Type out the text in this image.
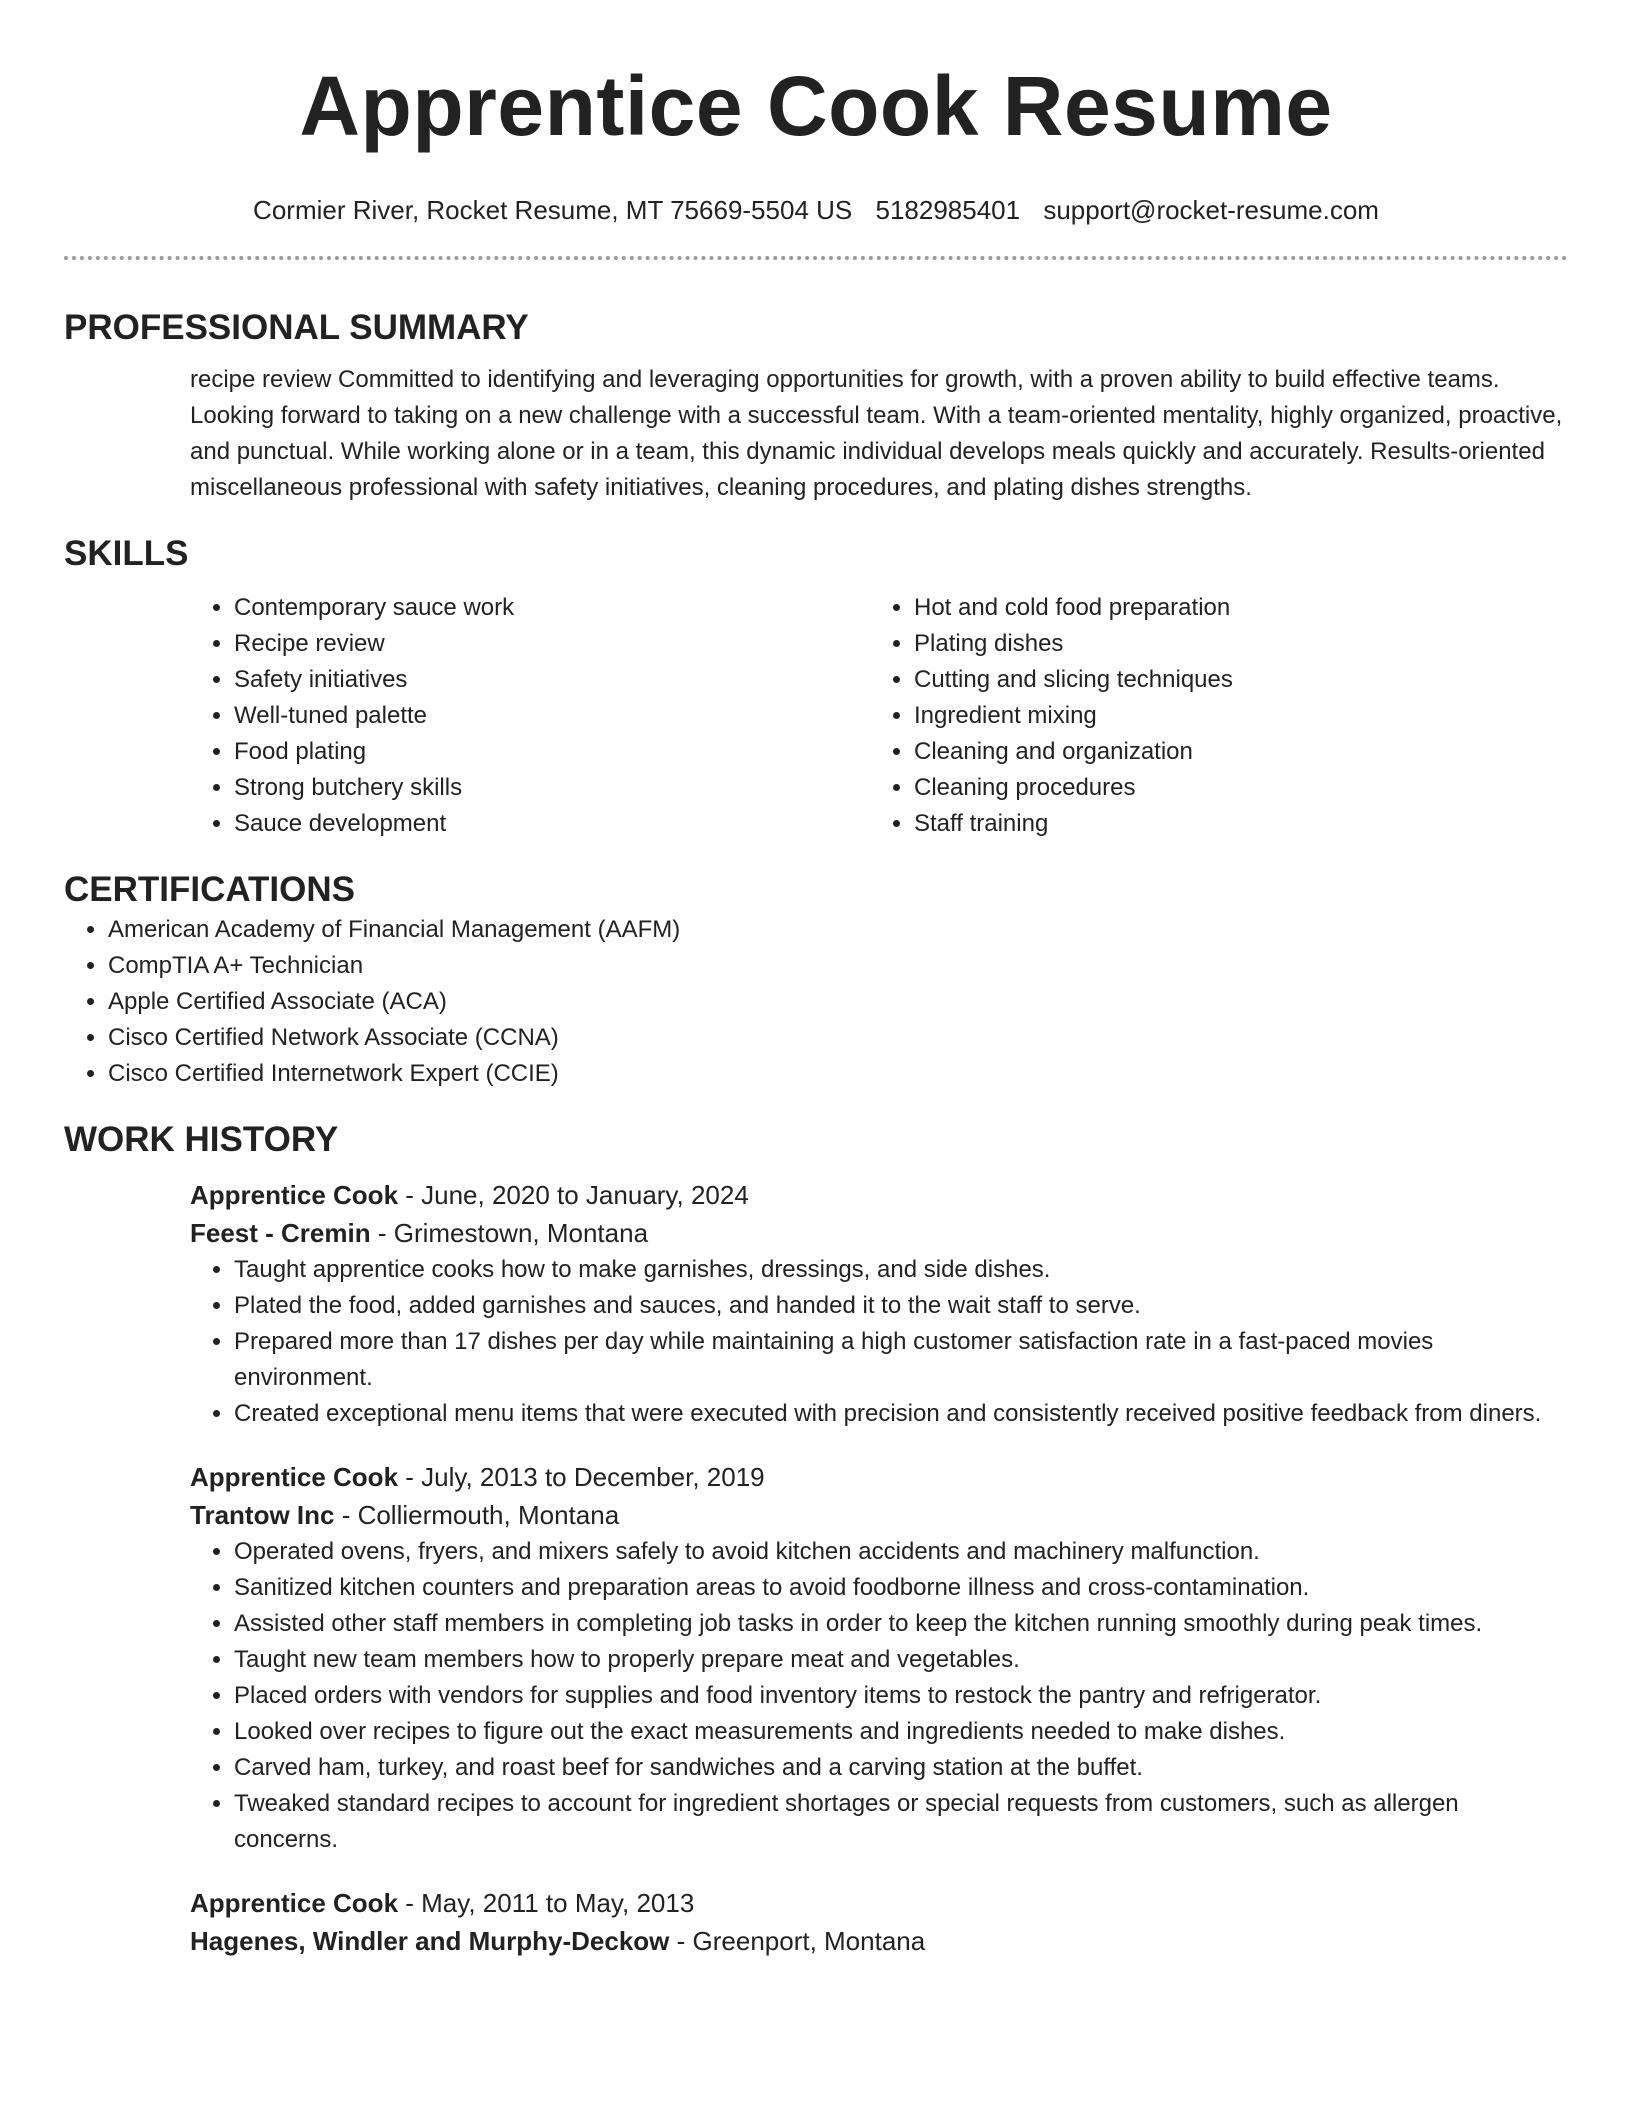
Apprentice Cook Resume
Cormier River, Rocket Resume, MT 75669-5504 US 5182985401 support@rocket-resume.com
PROFESSIONAL SUMMARY

recipe review Committed to identifying and leveraging opportunities for growth, with a proven ability to build effective teams. Looking forward to taking on a new challenge with a successful team. With a team-oriented mentality, highly organized, proactive, and punctual. While working alone or in a team, this dynamic individual develops meals quickly and accurately. Results-oriented miscellaneous professional with safety initiatives, cleaning procedures, and plating dishes strengths.

SKILLS
• Contemporary sauce work
• Recipe review
• Safety initiatives
• Well-tuned palette
• Food plating
• Strong butchery skills
• Sauce development
• Hot and cold food preparation
• Plating dishes
• Cutting and slicing techniques
• Ingredient mixing
• Cleaning and organization
• Cleaning procedures
• Staff training
CERTIFICATIONS
• American Academy of Financial Management (AAFM)
• CompTIA A+ Technician
• Apple Certified Associate (ACA)
• Cisco Certified Network Associate (CCNA)
• Cisco Certified Internetwork Expert (CCIE)
WORK HISTORY
Apprentice Cook - June, 2020 to January, 2024
Feest - Cremin - Grimestown, Montana
• Taught apprentice cooks how to make garnishes, dressings, and side dishes.
• Plated the food, added garnishes and sauces, and handed it to the wait staff to serve.
• Prepared more than 17 dishes per day while maintaining a high customer satisfaction rate in a fast-paced movies environment.
• Created exceptional menu items that were executed with precision and consistently received positive feedback from diners.
Apprentice Cook - July, 2013 to December, 2019
Trantow Inc - Colliermouth, Montana
• Operated ovens, fryers, and mixers safely to avoid kitchen accidents and machinery malfunction.
• Sanitized kitchen counters and preparation areas to avoid foodborne illness and cross-contamination.
• Assisted other staff members in completing job tasks in order to keep the kitchen running smoothly during peak times.
• Taught new team members how to properly prepare meat and vegetables.
• Placed orders with vendors for supplies and food inventory items to restock the pantry and refrigerator.
• Looked over recipes to figure out the exact measurements and ingredients needed to make dishes.
• Carved ham, turkey, and roast beef for sandwiches and a carving station at the buffet.
• Tweaked standard recipes to account for ingredient shortages or special requests from customers, such as allergen concerns.
Apprentice Cook - May, 2011 to May, 2013
Hagenes, Windler and Murphy-Deckow - Greenport, Montana
